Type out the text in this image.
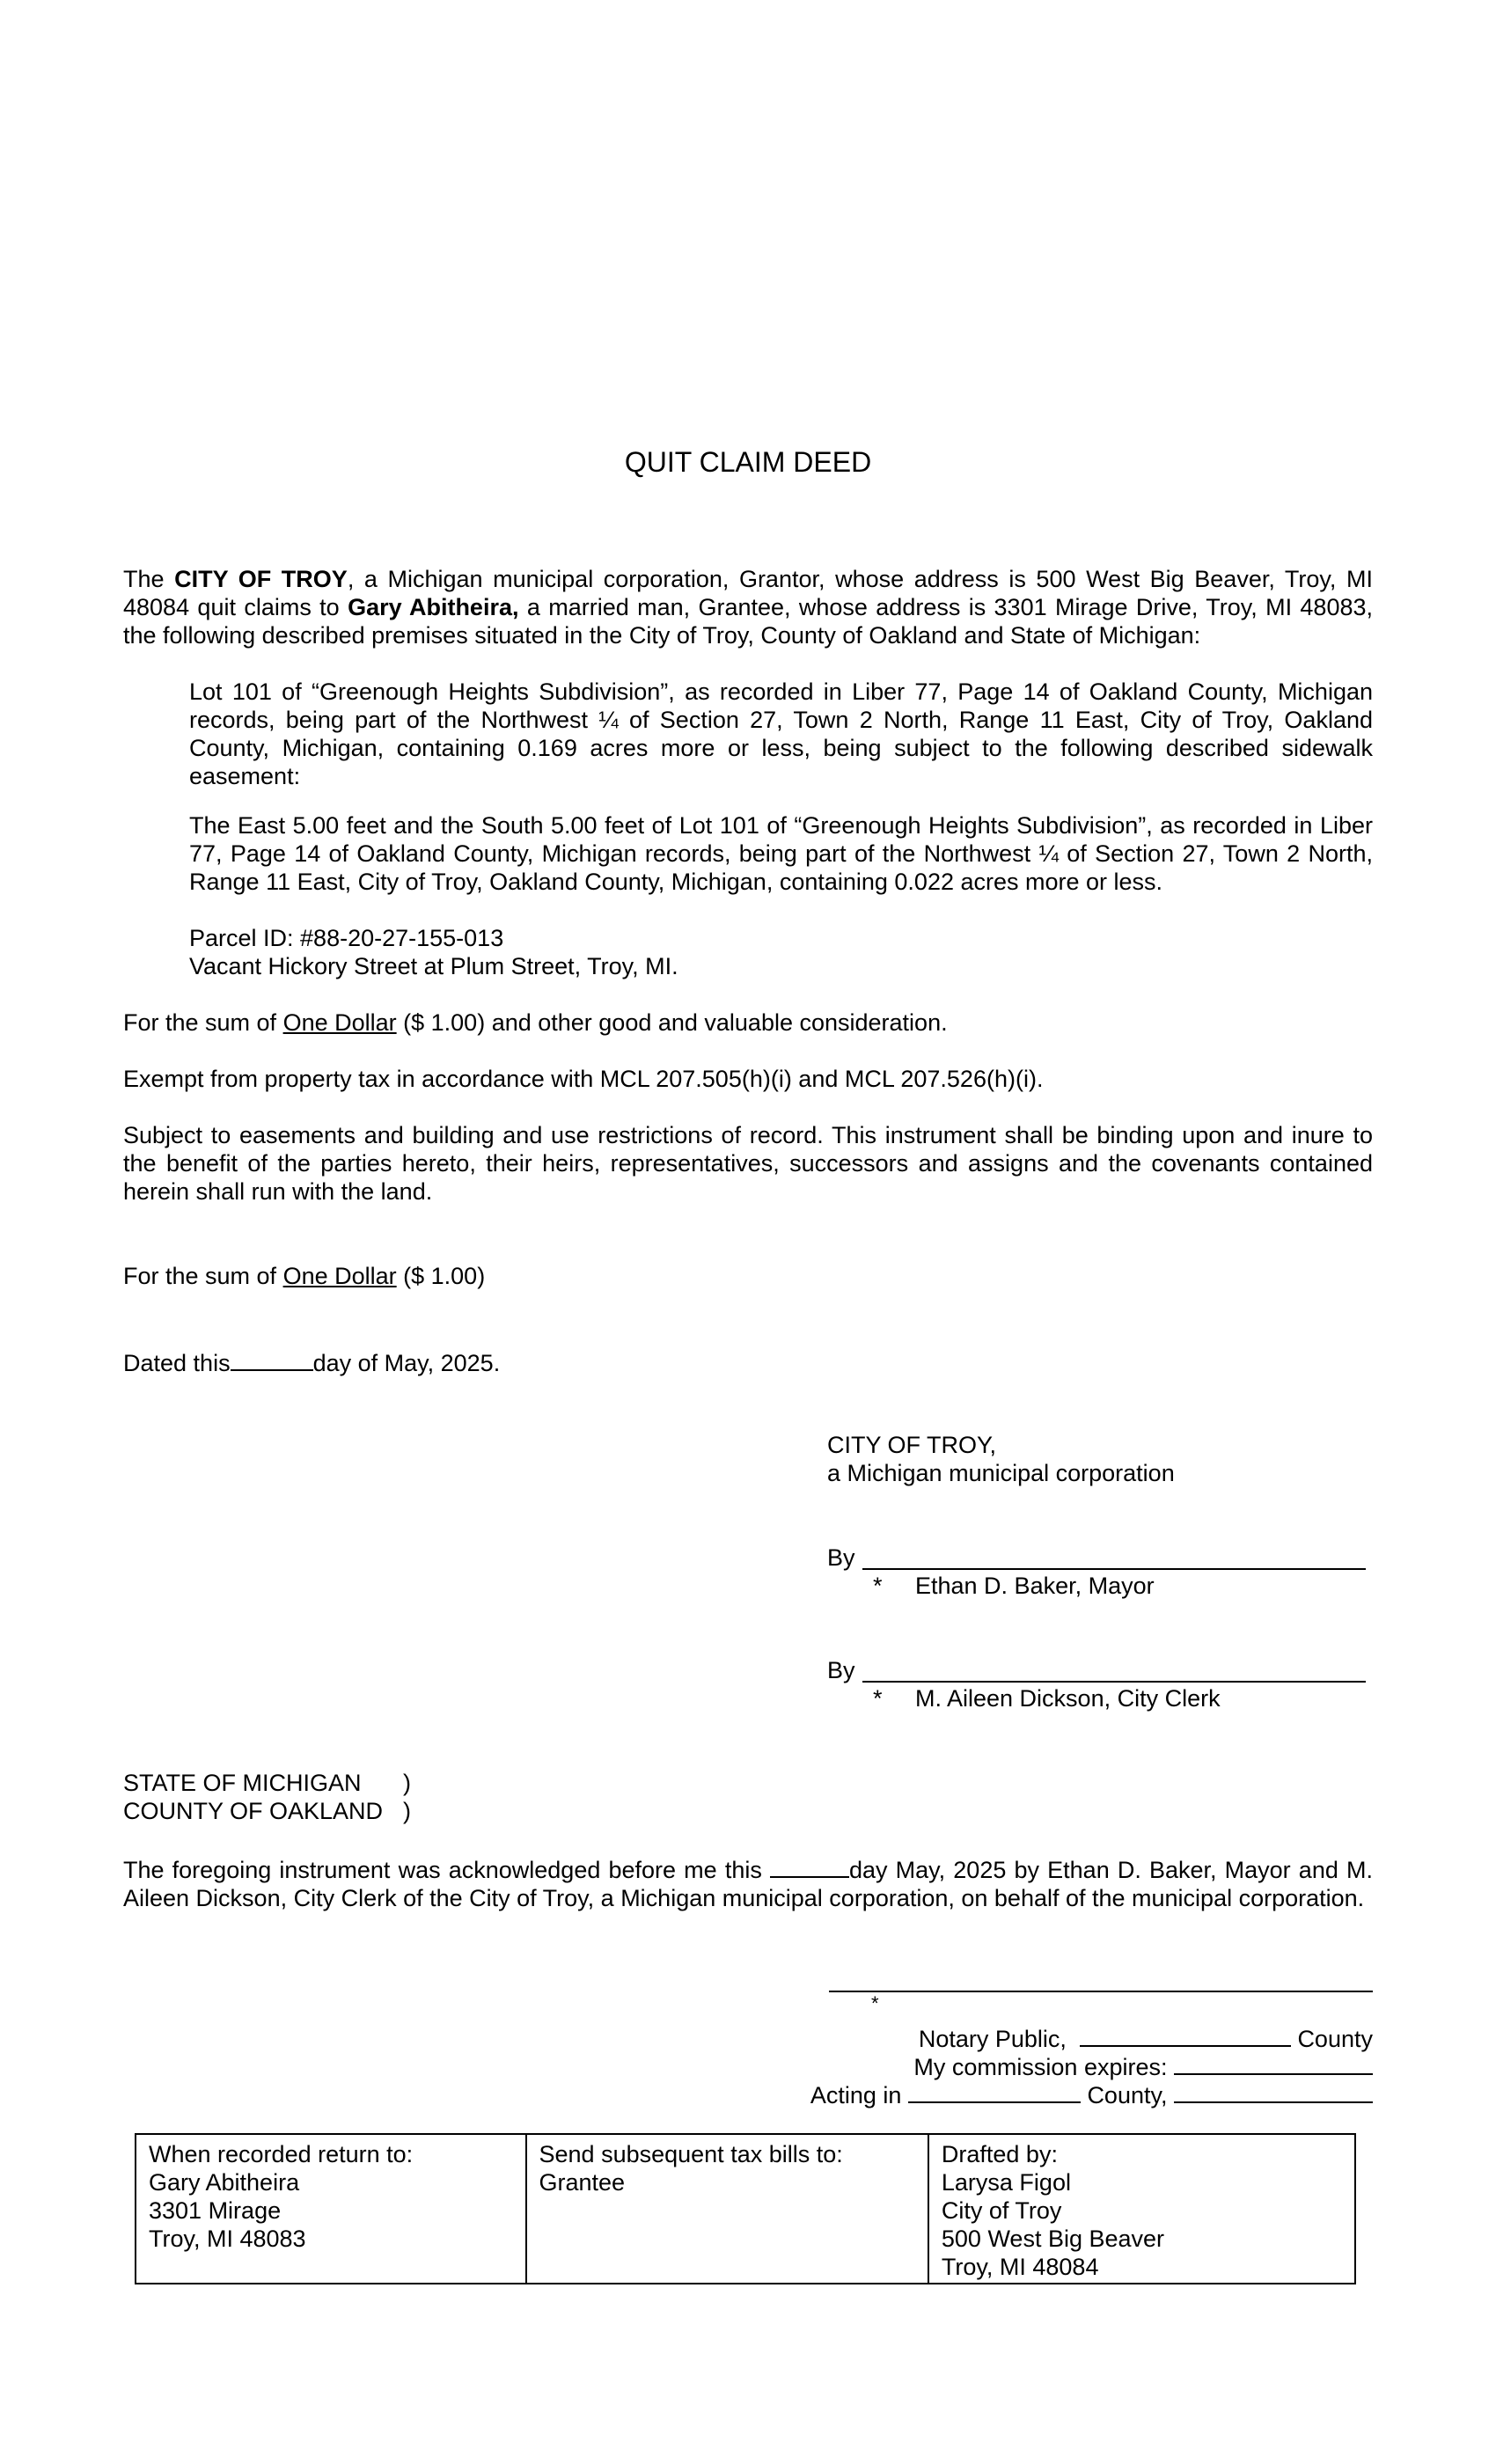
QUIT CLAIM DEED
The CITY OF TROY, a Michigan municipal corporation, Grantor, whose address is 500 West Big Beaver, Troy, MI 48084 quit claims to Gary Abitheira, a married man, Grantee, whose address is 3301 Mirage Drive, Troy, MI 48083, the following described premises situated in the City of Troy, County of Oakland and State of Michigan:
Lot 101 of “Greenough Heights Subdivision”, as recorded in Liber 77, Page 14 of Oakland County, Michigan records, being part of the Northwest ¼ of Section 27, Town 2 North, Range 11 East, City of Troy, Oakland County, Michigan, containing 0.169 acres more or less, being subject to the following described sidewalk easement:
The East 5.00 feet and the South 5.00 feet of Lot 101 of “Greenough Heights Subdivision”, as recorded in Liber 77, Page 14 of Oakland County, Michigan records, being part of the Northwest ¼ of Section 27, Town 2 North, Range 11 East, City of Troy, Oakland County, Michigan, containing 0.022 acres more or less.
Parcel ID: #88-20-27-155-013
Vacant Hickory Street at Plum Street, Troy, MI.
For the sum of One Dollar ($ 1.00) and other good and valuable consideration.
Exempt from property tax in accordance with MCL 207.505(h)(i) and MCL 207.526(h)(i).
Subject to easements and building and use restrictions of record. This instrument shall be binding upon and inure to the benefit of the parties hereto, their heirs, representatives, successors and assigns and the covenants contained herein shall run with the land.
For the sum of One Dollar ($ 1.00)
Dated this	day of May, 2025.
CITY OF TROY,
a Michigan municipal corporation
By
* Ethan D. Baker, Mayor
By
* M. Aileen Dickson, City Clerk
STATE OF MICHIGAN )
COUNTY OF OAKLAND )
The foregoing instrument was acknowledged before me this	day May, 2025 by Ethan D. Baker, Mayor and M. Aileen Dickson, City Clerk of the City of Troy, a Michigan municipal corporation, on behalf of the municipal corporation.
*
Notary Public,	County
My commission expires:
Acting in	County,
When recorded return to:
Gary Abitheira
3301 Mirage
Troy, MI 48083

Send subsequent tax bills to:
Grantee

Drafted by:
Larysa Figol
City of Troy
500 West Big Beaver
Troy, MI 48084
